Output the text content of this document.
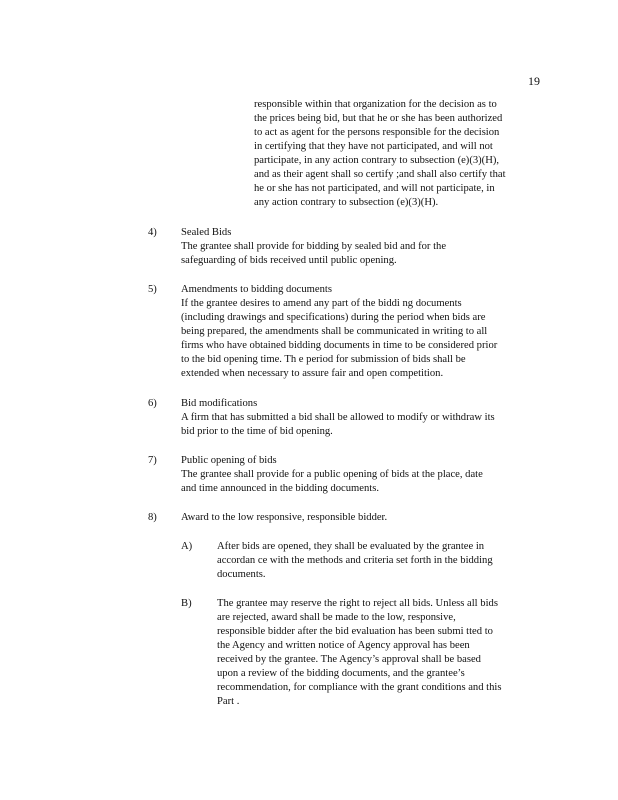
19
responsible within that organization for the decision as to
the prices being bid, but that he or she has been authorized
to act as agent for the persons responsible for the decision
in certifying that they have not participated, and will not
participate, in any action contrary to subsection (e)(3)(H),
and as their agent shall so certify ;and shall also certify that
he or she has not participated, and will not participate, in
any action contrary to subsection (e)(3)(H).
4) Sealed Bids
The grantee shall provide for bidding by sealed bid and for the
safeguarding of bids received until public opening.
5) Amendments to bidding documents
If the grantee desires to amend any part of the biddi ng documents
(including drawings and specifications) during the period when bids are
being prepared, the amendments shall be communicated in writing to all
firms who have obtained bidding documents in time to be considered prior
to the bid opening time. Th e period for submission of bids shall be
extended when necessary to assure fair and open competition.
6) Bid modifications
A firm that has submitted a bid shall be allowed to modify or withdraw its
bid prior to the time of bid opening.
7) Public opening of bids
The grantee shall provide for a public opening of bids at the place, date
and time announced in the bidding documents.
8) Award to the low responsive, responsible bidder.
A) After bids are opened, they shall be evaluated by the grantee in
accordan ce with the methods and criteria set forth in the bidding
documents.
B) The grantee may reserve the right to reject all bids. Unless all bids
are rejected, award shall be made to the low, responsive,
responsible bidder after the bid evaluation has been submi tted to
the Agency and written notice of Agency approval has been
received by the grantee. The Agency’s approval shall be based
upon a review of the bidding documents, and the grantee’s
recommendation, for compliance with the grant conditions and this
Part .
